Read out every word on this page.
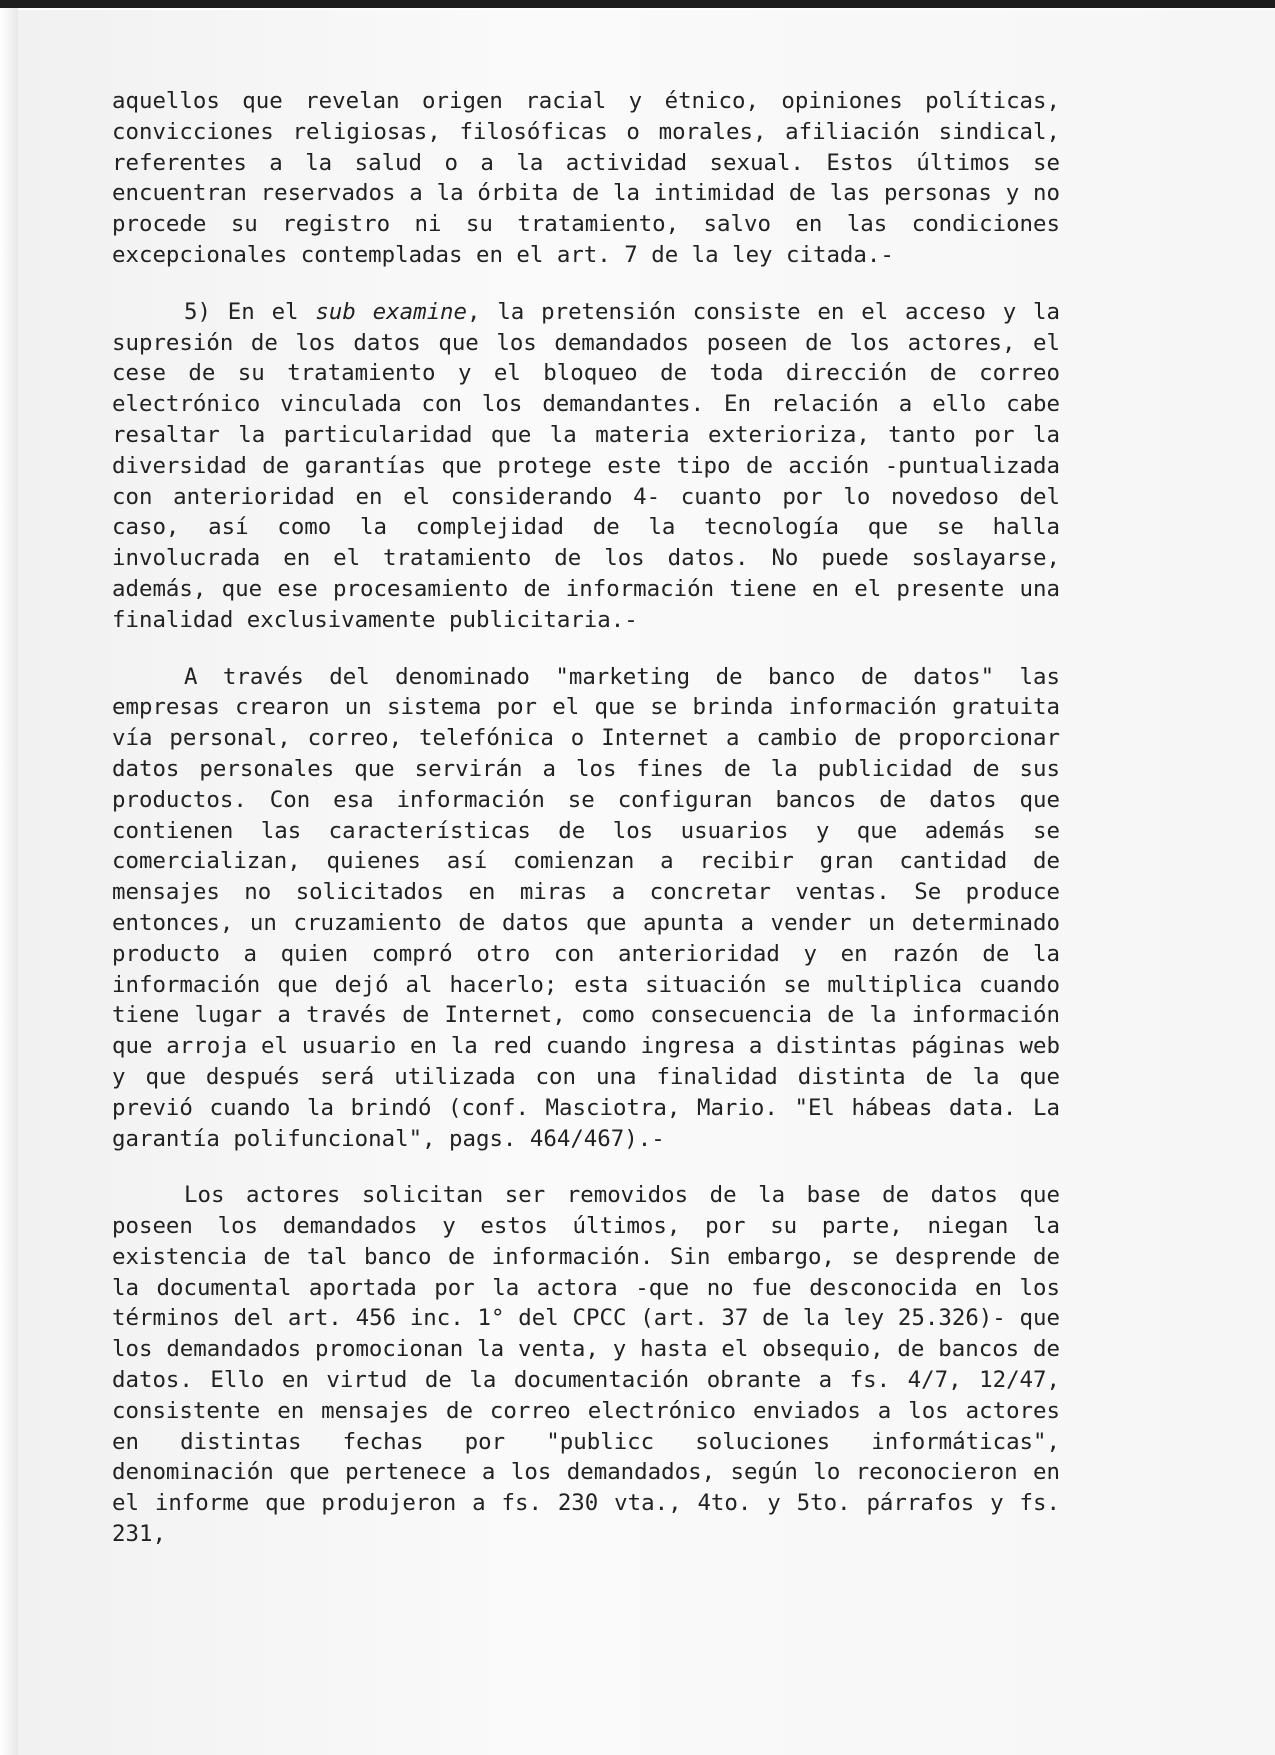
aquellos que revelan origen racial y étnico, opiniones políticas, convicciones religiosas, filosóficas o morales, afiliación sindical, referentes a la salud o a la actividad sexual. Estos últimos se encuentran reservados a la órbita de la intimidad de las personas y no procede su registro ni su tratamiento, salvo en las condiciones excepcionales contempladas en el art. 7 de la ley citada.-

5) En el sub examine, la pretensión consiste en el acceso y la supresión de los datos que los demandados poseen de los actores, el cese de su tratamiento y el bloqueo de toda dirección de correo electrónico vinculada con los demandantes. En relación a ello cabe resaltar la particularidad que la materia exterioriza, tanto por la diversidad de garantías que protege este tipo de acción -puntualizada con anterioridad en el considerando 4- cuanto por lo novedoso del caso, así como la complejidad de la tecnología que se halla involucrada en el tratamiento de los datos. No puede soslayarse, además, que ese procesamiento de información tiene en el presente una finalidad exclusivamente publicitaria.-

A través del denominado "marketing de banco de datos" las empresas crearon un sistema por el que se brinda información gratuita vía personal, correo, telefónica o Internet a cambio de proporcionar datos personales que servirán a los fines de la publicidad de sus productos. Con esa información se configuran bancos de datos que contienen las características de los usuarios y que además se comercializan, quienes así comienzan a recibir gran cantidad de mensajes no solicitados en miras a concretar ventas. Se produce entonces, un cruzamiento de datos que apunta a vender un determinado producto a quien compró otro con anterioridad y en razón de la información que dejó al hacerlo; esta situación se multiplica cuando tiene lugar a través de Internet, como consecuencia de la información que arroja el usuario en la red cuando ingresa a distintas páginas web y que después será utilizada con una finalidad distinta de la que previó cuando la brindó (conf. Masciotra, Mario. "El hábeas data. La garantía polifuncional", pags. 464/467).-

Los actores solicitan ser removidos de la base de datos que poseen los demandados y estos últimos, por su parte, niegan la existencia de tal banco de información. Sin embargo, se desprende de la documental aportada por la actora -que no fue desconocida en los términos del art. 456 inc. 1° del CPCC (art. 37 de la ley 25.326)- que los demandados promocionan la venta, y hasta el obsequio, de bancos de datos. Ello en virtud de la documentación obrante a fs. 4/7, 12/47, consistente en mensajes de correo electrónico enviados a los actores en distintas fechas por "publicc soluciones informáticas", denominación que pertenece a los demandados, según lo reconocieron en el informe que produjeron a fs. 230 vta., 4to. y 5to. párrafos y fs. 231,
